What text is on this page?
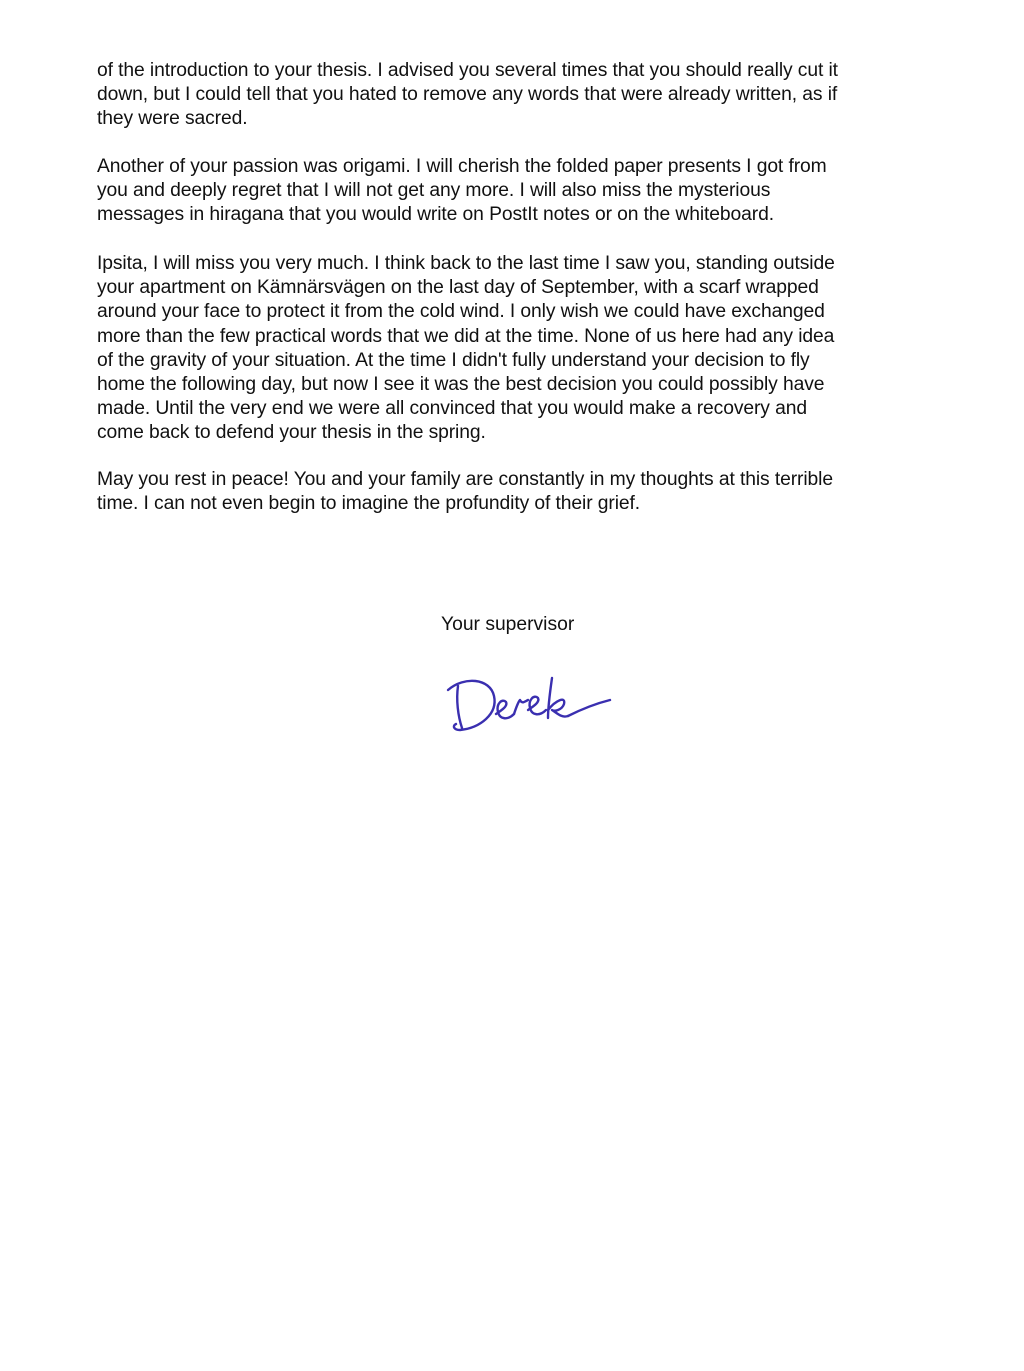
of the introduction to your thesis. I advised you several times that you should really cut it
down, but I could tell that you hated to remove any words that were already written, as if
they were sacred.

Another of your passion was origami. I will cherish the folded paper presents I got from
you and deeply regret that I will not get any more. I will also miss the mysterious
messages in hiragana that you would write on PostIt notes or on the whiteboard.

Ipsita, I will miss you very much. I think back to the last time I saw you, standing outside
your apartment on Kämnärsvägen on the last day of September, with a scarf wrapped
around your face to protect it from the cold wind. I only wish we could have exchanged
more than the few practical words that we did at the time. None of us here had any idea
of the gravity of your situation. At the time I didn't fully understand your decision to fly
home the following day, but now I see it was the best decision you could possibly have
made. Until the very end we were all convinced that you would make a recovery and
come back to defend your thesis in the spring.

May you rest in peace! You and your family are constantly in my thoughts at this terrible
time. I can not even begin to imagine the profundity of their grief.

Your supervisor
